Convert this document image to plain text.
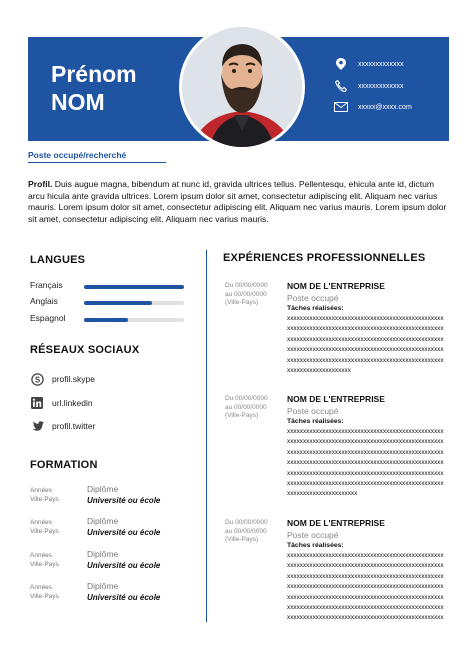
Prénom
NOM
xxxxxxxxxxxxx
xxxxxxxxxxxxx
xxxxx@xxxx.com
Poste occupé/recherché
Profil. Duis augue magna, bibendum at nunc id, gravida ultrices tellus. Pellentesqu, ehicula ante id, dictum arcu hicula ante gravida ultrices. Lorem ipsum dolor sit amet, consectetur adipiscing elit. Aliquam nec varius mauris. Lorem ipsum dolor sit amet, consectetur adipiscing elit. Aliquam nec varius mauris. Lorem ipsum dolor sit amet, consectetur adipiscing elit. Aliquam nec varius mauris.
LANGUES
Français
Anglais
Espagnol
RÉSEAUX SOCIAUX
S profil.skype
url.linkedin
profil.twitter
FORMATION
Années
Ville-Pays
Diplôme
Université ou école
Années
Ville-Pays
Diplôme
Université ou école
Années
Ville-Pays
Diplôme
Université ou école
Années
Ville-Pays
Diplôme
Université ou école
EXPÉRIENCES PROFESSIONNELLES
Du 00/00/0000
au 00/00/0000
(Ville-Pays)
NOM DE L'ENTREPRISE
Poste occupé
Tâches réalisées:
xxxxxxxxxxxxxxxxxxxxxxxxxxxxxxxxxxxxxxxxxxxxxxxxx
xxxxxxxxxxxxxxxxxxxxxxxxxxxxxxxxxxxxxxxxxxxxxxxxx
xxxxxxxxxxxxxxxxxxxxxxxxxxxxxxxxxxxxxxxxxxxxxxxxx
xxxxxxxxxxxxxxxxxxxxxxxxxxxxxxxxxxxxxxxxxxxxxxxxx
xxxxxxxxxxxxxxxxxxxxxxxxxxxxxxxxxxxxxxxxxxxxxxxxx
xxxxxxxxxxxxxxxxxxxx
Du 00/00/0000
au 00/00/0000
(Ville-Pays)
NOM DE L'ENTREPRISE
Poste occupé
Tâches réalisées:
xxxxxxxxxxxxxxxxxxxxxxxxxxxxxxxxxxxxxxxxxxxxxxxxx
xxxxxxxxxxxxxxxxxxxxxxxxxxxxxxxxxxxxxxxxxxxxxxxxx
xxxxxxxxxxxxxxxxxxxxxxxxxxxxxxxxxxxxxxxxxxxxxxxxx
xxxxxxxxxxxxxxxxxxxxxxxxxxxxxxxxxxxxxxxxxxxxxxxxx
xxxxxxxxxxxxxxxxxxxxxxxxxxxxxxxxxxxxxxxxxxxxxxxxx
xxxxxxxxxxxxxxxxxxxxxxxxxxxxxxxxxxxxxxxxxxxxxxxxx
xxxxxxxxxxxxxxxxxxxxxx
Du 00/00/0000
au 00/00/0000
(Ville-Pays)
NOM DE L'ENTREPRISE
Poste occupé
Tâches réalisées:
xxxxxxxxxxxxxxxxxxxxxxxxxxxxxxxxxxxxxxxxxxxxxxxxx
xxxxxxxxxxxxxxxxxxxxxxxxxxxxxxxxxxxxxxxxxxxxxxxxx
xxxxxxxxxxxxxxxxxxxxxxxxxxxxxxxxxxxxxxxxxxxxxxxxx
xxxxxxxxxxxxxxxxxxxxxxxxxxxxxxxxxxxxxxxxxxxxxxxxx
xxxxxxxxxxxxxxxxxxxxxxxxxxxxxxxxxxxxxxxxxxxxxxxxx
xxxxxxxxxxxxxxxxxxxxxxxxxxxxxxxxxxxxxxxxxxxxxxxxx
xxxxxxxxxxxxxxxxxxxxxxxxxxxxxxxxxxxxxxxxxxxxxxxxx
